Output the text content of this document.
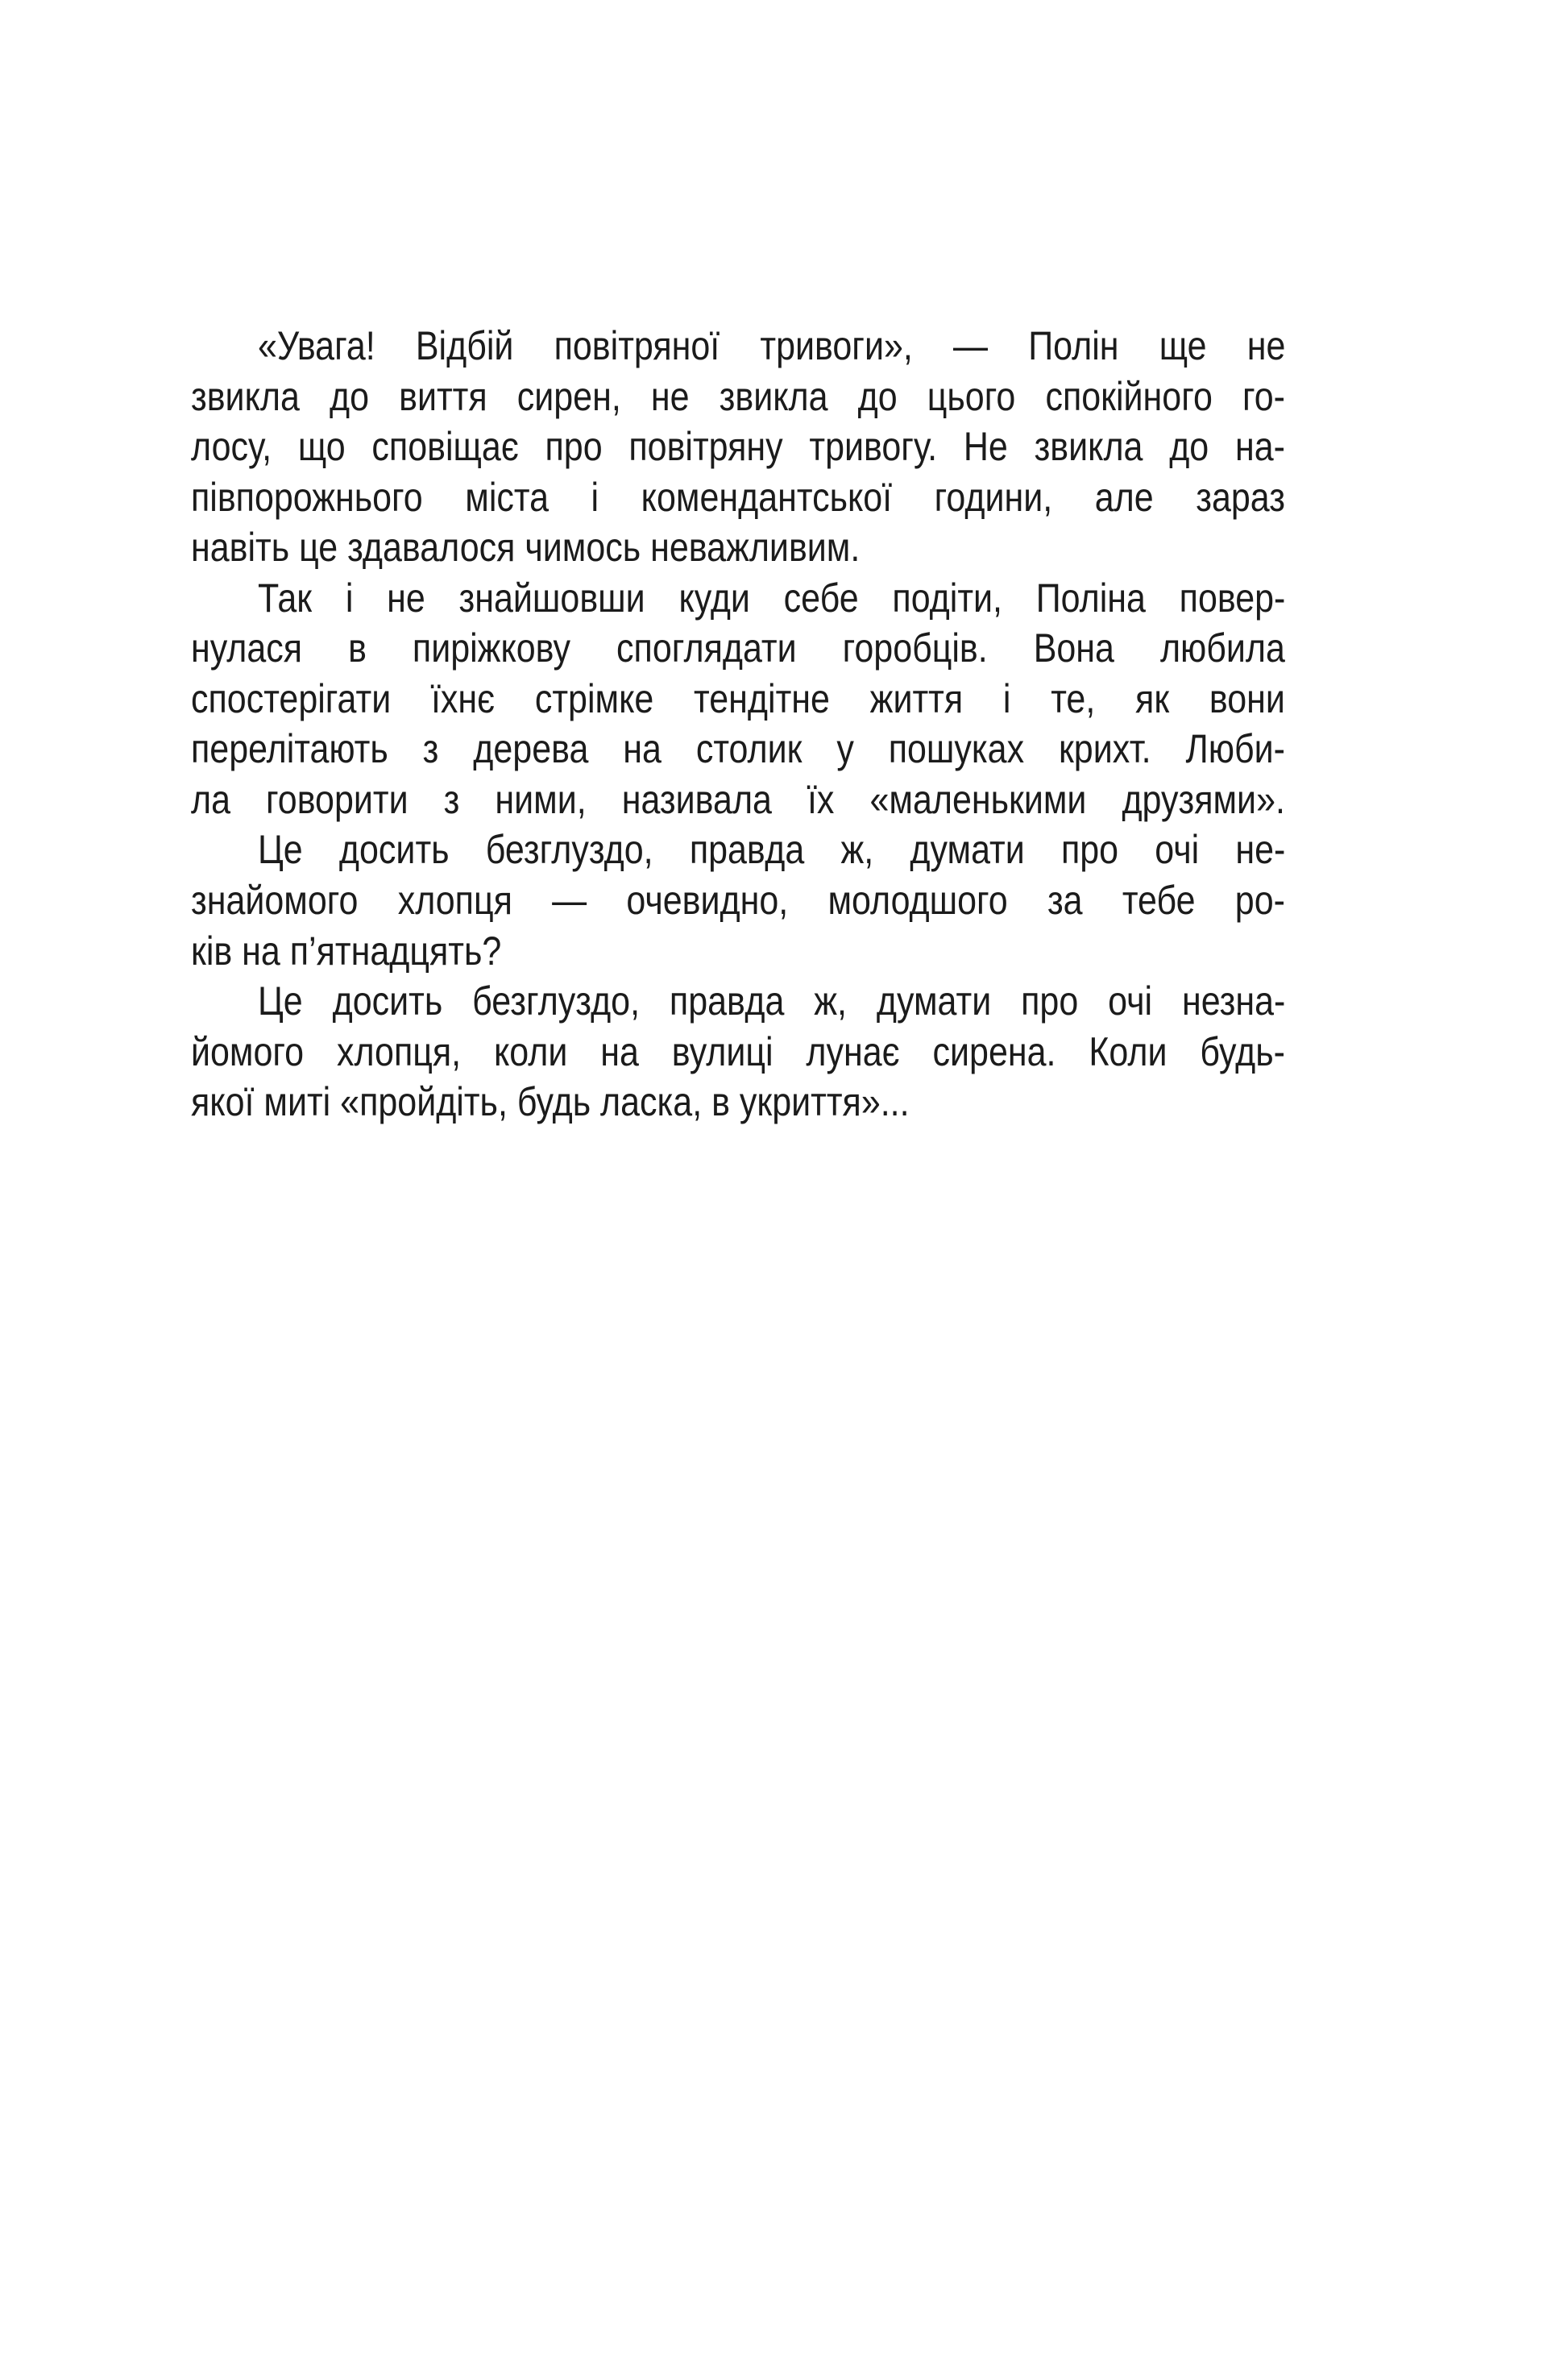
«Увага! Відбій повітряної тривоги», — Полін ще не
звикла до виття сирен, не звикла до цього спокійного го-
лосу, що сповіщає про повітряну тривогу. Не звикла до на-
півпорожнього міста і комендантської години, але зараз
навіть це здавалося чимось неважливим.
Так і не знайшовши куди себе подіти, Поліна повер-
нулася в пиріжкову споглядати горобців. Вона любила
спостерігати їхнє стрімке тендітне життя і те, як вони
перелітають з дерева на столик у пошуках крихт. Люби-
ла говорити з ними, називала їх «маленькими друзями».
Це досить безглуздо, правда ж, думати про очі не-
знайомого хлопця — очевидно, молодшого за тебе ро-
ків на п’ятнадцять?
Це досить безглуздо, правда ж, думати про очі незна-
йомого хлопця, коли на вулиці лунає сирена. Коли будь-
якої миті «пройдіть, будь ласка, в укриття»...
